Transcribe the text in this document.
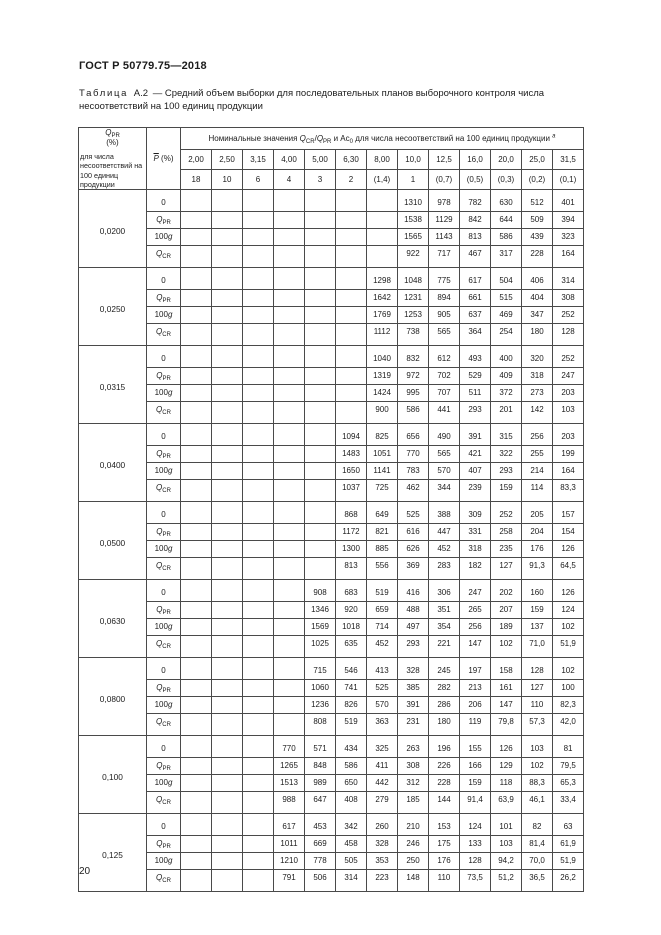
ГОСТ Р 50779.75—2018

Таблица А.2 — Средний объем выборки для последовательных планов выборочного контроля числа несоответствий на 100 единиц продукции

$Q_{PR}$
(%)
для числа несоответствий на 100 единиц продукции	$\overline{P}$ (%)	Номинальные значения $Q_{CR}/Q_{PR}$ и $Ac_0$ для числа несоответствий на 100 единиц продукции $^а$
		2,00	2,50	3,15	4,00	5,00	6,30	8,00	10,0	12,5	16,0	20,0	25,0	31,5
		18	10	6	4	3	2	(1,4)	1	(0,7)	(0,5)	(0,3)	(0,2)	(0,1)
0,0200	0								1310	978	782	630	512	401
	$Q_{PR}$								1538	1129	842	644	509	394
	100g								1565	1143	813	586	439	323
	$Q_{CR}$								922	717	467	317	228	164
0,0250	0							1298	1048	775	617	504	406	314
	$Q_{PR}$							1642	1231	894	661	515	404	308
	100g							1769	1253	905	637	469	347	252
	$Q_{CR}$							1112	738	565	364	254	180	128
0,0315	0							1040	832	612	493	400	320	252
	$Q_{PR}$							1319	972	702	529	409	318	247
	100g							1424	995	707	511	372	273	203
	$Q_{CR}$							900	586	441	293	201	142	103
0,0400	0						1094	825	656	490	391	315	256	203
	$Q_{PR}$						1483	1051	770	565	421	322	255	199
	100g						1650	1141	783	570	407	293	214	164
	$Q_{CR}$						1037	725	462	344	239	159	114	83,3
0,0500	0						868	649	525	388	309	252	205	157
	$Q_{PR}$						1172	821	616	447	331	258	204	154
	100g						1300	885	626	452	318	235	176	126
	$Q_{CR}$						813	556	369	283	182	127	91,3	64,5
0,0630	0					908	683	519	416	306	247	202	160	126
	$Q_{PR}$					1346	920	659	488	351	265	207	159	124
	100g					1569	1018	714	497	354	256	189	137	102
	$Q_{CR}$					1025	635	452	293	221	147	102	71,0	51,9
0,0800	0					715	546	413	328	245	197	158	128	102
	$Q_{PR}$					1060	741	525	385	282	213	161	127	100
	100g					1236	826	570	391	286	206	147	110	82,3
	$Q_{CR}$					808	519	363	231	180	119	79,8	57,3	42,0
0,100	0				770	571	434	325	263	196	155	126	103	81
	$Q_{PR}$				1265	848	586	411	308	226	166	129	102	79,5
	100g				1513	989	650	442	312	228	159	118	88,3	65,3
	$Q_{CR}$				988	647	408	279	185	144	91,4	63,9	46,1	33,4
0,125	0				617	453	342	260	210	153	124	101	82	63
	$Q_{PR}$				1011	669	458	328	246	175	133	103	81,4	61,9
	100g				1210	778	505	353	250	176	128	94,2	70,0	51,9
	$Q_{CR}$				791	506	314	223	148	110	73,5	51,2	36,5	26,2
20
